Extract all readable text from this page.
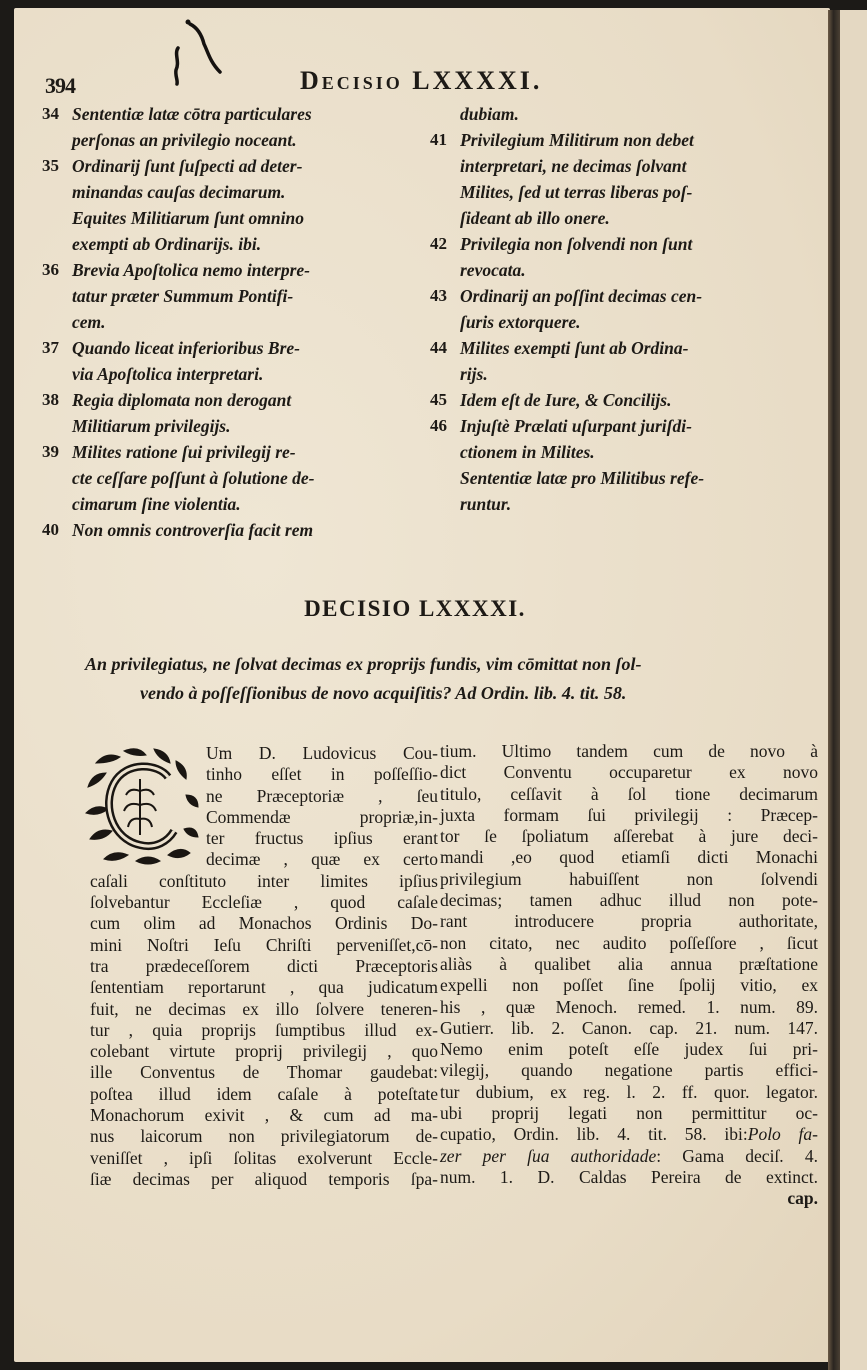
394	Decisio LXXXXI.
34 Sententiæ latæ cōtra particulares
perſonas an privilegio noceant.
35 Ordinarij ſunt ſuſpecti ad deter-
minandas cauſas decimarum.
Equites Militiarum ſunt omnino
exempti ab Ordinarijs. ibi.
36 Brevia Apoſtolica nemo interpre-
tatur præter Summum Pontifi-
cem.
37 Quando liceat inferioribus Bre-
via Apoſtolica interpretari.
38 Regia diplomata non derogant
Militiarum privilegijs.
39 Milites ratione ſui privilegij re-
cte ceſſare poſſunt à ſolutione de-
cimarum ſine violentia.
40 Non omnis controverſia facit rem
dubiam.
41 Privilegium Militirum non debet
interpretari, ne decimas ſolvant
Milites, ſed ut terras liberas poſ-
ſideant ab illo onere.
42 Privilegia non ſolvendi non ſunt
revocata.
43 Ordinarij an poſſint decimas cen-
ſuris extorquere.
44 Milites exempti ſunt ab Ordina-
rijs.
45 Idem eſt de Iure, & Concilijs.
46 Injuſtè Prælati uſurpant juriſdi-
ctionem in Milites.
Sententiæ latæ pro Militibus refe-
runtur.
DECISIO LXXXXI.
An privilegiatus, ne ſolvat decimas ex proprijs fundis, vim cōmittat non ſol-
vendo à poſſeſſionibus de novo acquiſitis? Ad Ordin. lib. 4. tit. 58.
Um D. Ludovicus Cou-
tinho eſſet in poſſeſſio-
ne Præceptoriæ , ſeu
Commendæ propriæ,in-
ter fructus ipſius erant
decimæ , quæ ex certo
caſali conſtituto inter limites ipſius
ſolvebantur Eccleſiæ , quod caſale
cum olim ad Monachos Ordinis Do-
mini Noſtri Ieſu Chriſti perveniſſet,cō-
tra prædeceſſorem dicti Præceptoris
ſententiam reportarunt , qua judicatum
fuit, ne decimas ex illo ſolvere teneren-
tur , quia proprijs ſumptibus illud ex-
colebant virtute proprij privilegij , quo
ille Conventus de Thomar gaudebat:
poſtea illud idem caſale à poteſtate
Monachorum exivit , & cum ad ma-
nus laicorum non privilegiatorum de-
veniſſet , ipſi ſolitas exolverunt Eccle-
ſiæ decimas per aliquod temporis ſpa-
tium. Ultimo tandem cum de novo à
dict Conventu occuparetur ex novo
titulo, ceſſavit à ſol tione decimarum
juxta formam ſui privilegij : Præcep-
tor ſe ſpoliatum aſſerebat à jure deci-
mandi ,eo quod etiamſi dicti Monachi
privilegium habuiſſent non ſolvendi
decimas; tamen adhuc illud non pote-
rant introducere propria authoritate,
non citato, nec audito poſſeſſore , ſicut
aliàs à qualibet alia annua præſtatione
expelli non poſſet ſine ſpolij vitio, ex
his , quæ Menoch. remed. 1. num. 89.
Gutierr. lib. 2. Canon. cap. 21. num. 147.
Nemo enim poteſt eſſe judex ſui pri-
vilegij, quando negatione partis effici-
tur dubium, ex reg. l. 2. ff. quor. legator.
ubi proprij legati non permittitur oc-
cupatio, Ordin. lib. 4. tit. 58. ibi:Polo fa-
zer per ſua authoridade: Gama deciſ. 4.
num. 1. D. Caldas Pereira de extinct.
cap.
